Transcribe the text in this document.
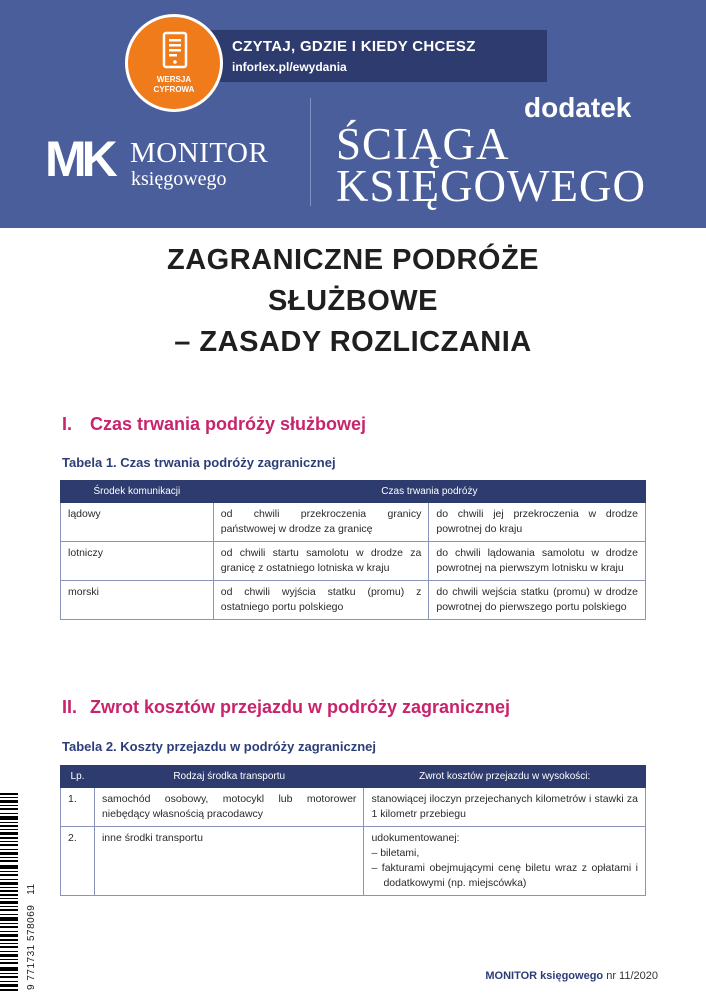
CZYTAJ, GDZIE I KIEDY CHCESZ
inforlex.pl/ewydania
WERSJA
CYFROWA
MK MONITOR
księgowego
dodatek
ŚCIĄGA
KSIĘGOWEGO
ZAGRANICZNE PODRÓŻE
SŁUŻBOWE
– ZASADY ROZLICZANIA
I. Czas trwania podróży służbowej
Tabela 1. Czas trwania podróży zagranicznej
Środek komunikacji	Czas trwania podróży	
lądowy	od chwili przekroczenia granicy państwowej w drodze za granicę	do chwili jej przekroczenia w drodze powrotnej do kraju
lotniczy	od chwili startu samolotu w drodze za granicę z ostatniego lotniska w kraju	do chwili lądowania samolotu w drodze powrotnej na pierwszym lotnisku w kraju
morski	od chwili wyjścia statku (promu) z ostatniego portu polskiego	do chwili wejścia statku (promu) w drodze powrotnej do pierwszego portu polskiego
II. Zwrot kosztów przejazdu w podróży zagranicznej
Tabela 2. Koszty przejazdu w podróży zagranicznej
Lp.	Rodzaj środka transportu	Zwrot kosztów przejazdu w wysokości:
1.	samochód osobowy, motocykl lub motorower niebędący własnością pracodawcy	stanowiącej iloczyn przejechanych kilometrów i stawki za 1 kilometr przebiegu
2.	inne środki transportu	udokumentowanej:
– biletami,
– fakturami obejmującymi cenę biletu wraz z opłatami i dodatkowymi (np. miejscówka)
9 771731 578069   11
MONITOR księgowego nr 11/2020
